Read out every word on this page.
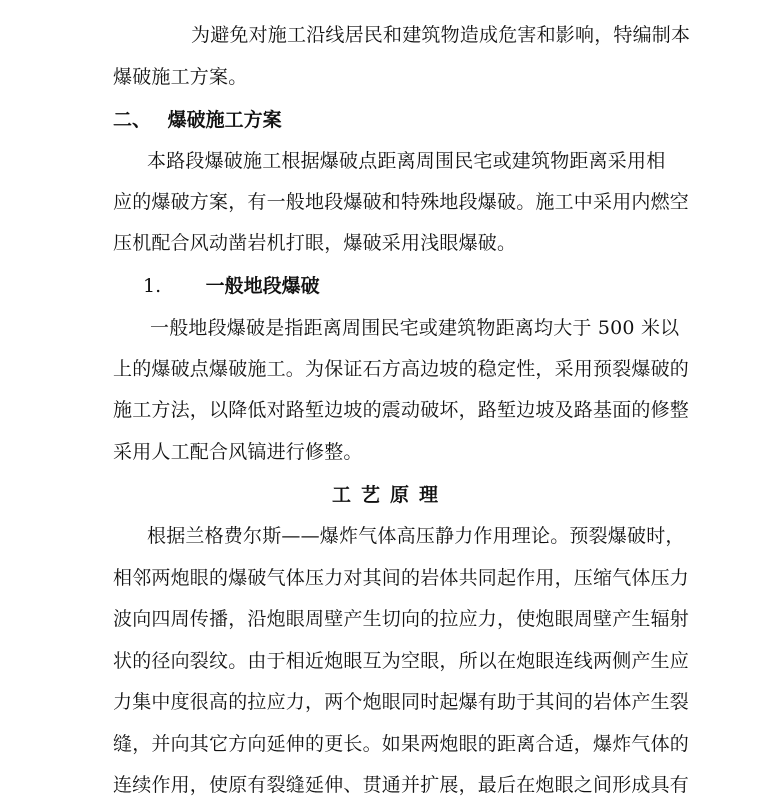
为避免对施工沿线居民和建筑物造成危害和影响，特编制本
爆破施工方案。
二、 爆破施工方案
本路段爆破施工根据爆破点距离周围民宅或建筑物距离采用相
应的爆破方案，有一般地段爆破和特殊地段爆破。施工中采用内燃空
压机配合风动凿岩机打眼，爆破采用浅眼爆破。
1. 一般地段爆破
一般地段爆破是指距离周围民宅或建筑物距离均大于 500 米以
上的爆破点爆破施工。为保证石方高边坡的稳定性，采用预裂爆破的
施工方法，以降低对路堑边坡的震动破坏，路堑边坡及路基面的修整
采用人工配合风镐进行修整。
工艺原理
根据兰格费尔斯——爆炸气体高压静力作用理论。预裂爆破时，
相邻两炮眼的爆破气体压力对其间的岩体共同起作用，压缩气体压力
波向四周传播，沿炮眼周壁产生切向的拉应力，使炮眼周壁产生辐射
状的径向裂纹。由于相近炮眼互为空眼，所以在炮眼连线两侧产生应
力集中度很高的拉应力，两个炮眼同时起爆有助于其间的岩体产生裂
缝，并向其它方向延伸的更长。如果两炮眼的距离合适，爆炸气体的
连续作用，使原有裂缝延伸、贯通并扩展，最后在炮眼之间形成具有
